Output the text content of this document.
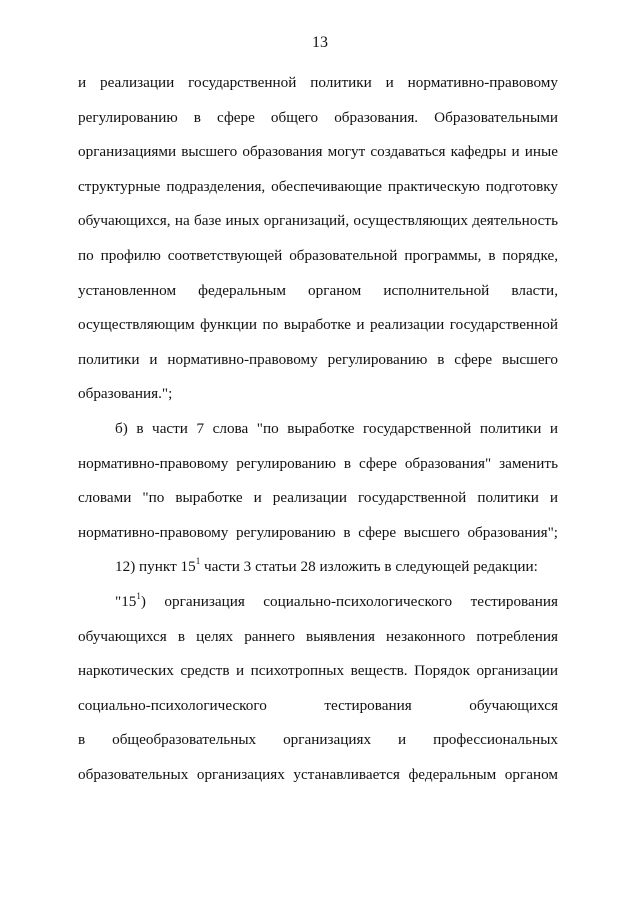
13

и реализации государственной политики и нормативно-правовому
регулированию в сфере общего образования. Образовательными
организациями высшего образования могут создаваться кафедры и иные
структурные подразделения, обеспечивающие практическую подготовку
обучающихся, на базе иных организаций, осуществляющих деятельность
по профилю соответствующей образовательной программы, в порядке,
установленном федеральным органом исполнительной власти,
осуществляющим функции по выработке и реализации государственной
политики и нормативно-правовому регулированию в сфере высшего
образования.";

б) в части 7 слова "по выработке государственной политики и
нормативно-правовому регулированию в сфере образования" заменить
словами "по выработке и реализации государственной политики и
нормативно-правовому регулированию в сфере высшего образования";

12) пункт $15^1$ части 3 статьи 28 изложить в следующей редакции:

"$15^1$) организация социально-психологического тестирования
обучающихся в целях раннего выявления незаконного потребления
наркотических средств и психотропных веществ. Порядок организации
социально-психологического тестирования обучающихся
в общеобразовательных организациях и профессиональных
образовательных организациях устанавливается федеральным органом
